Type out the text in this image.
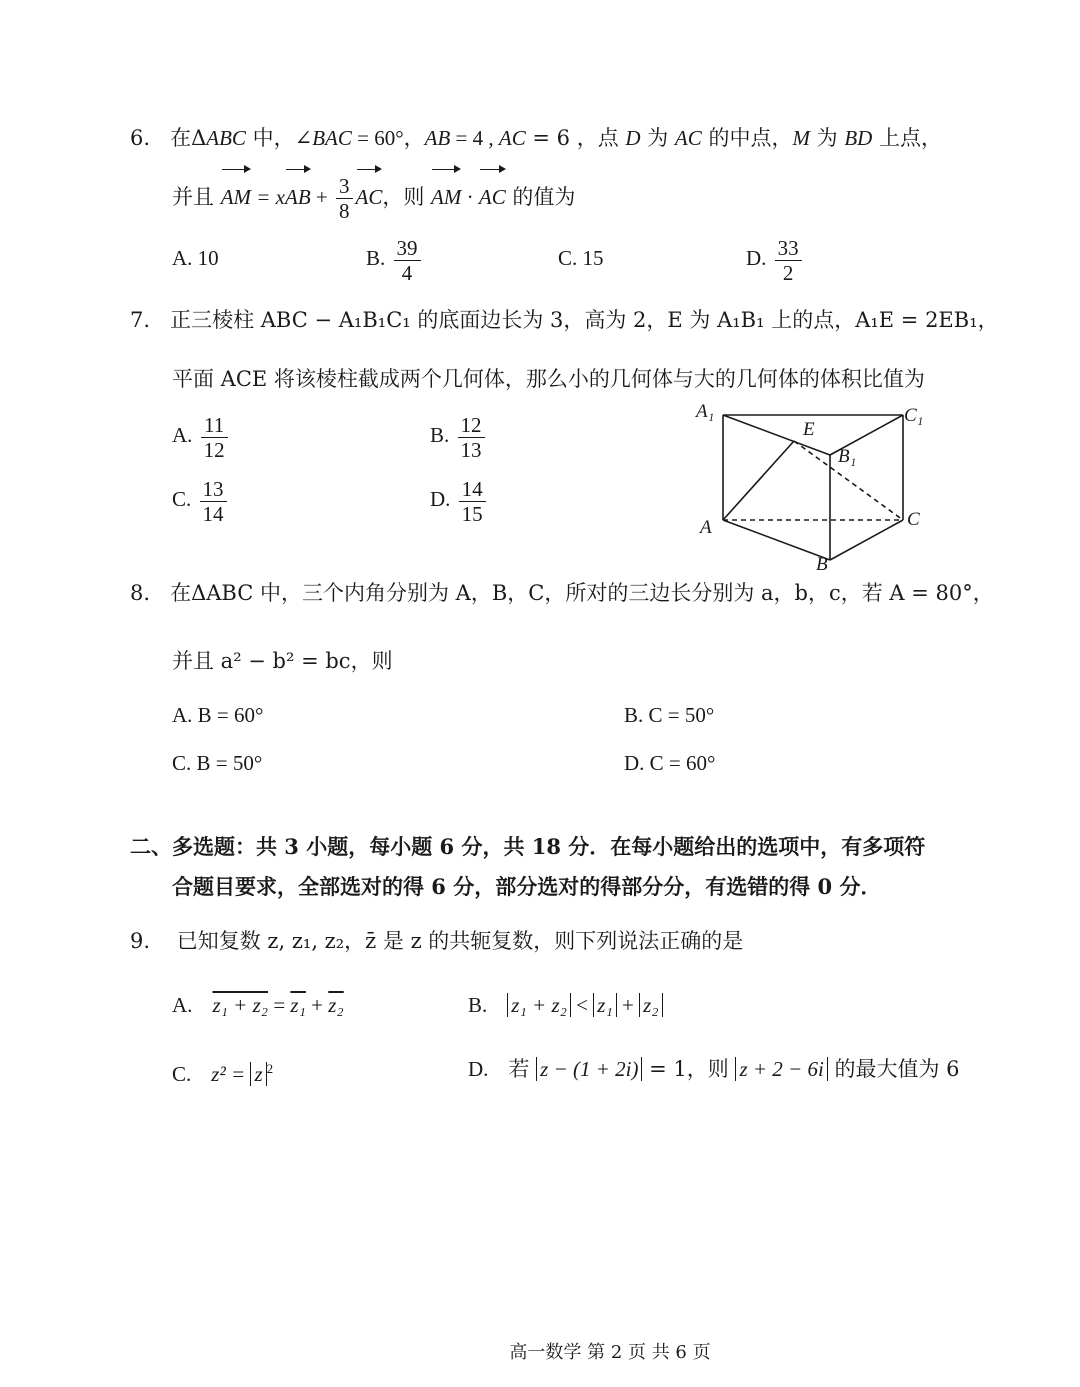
6. 在ΔABC 中，∠BAC = 60°，AB = 4 , AC = 6 ，点 D 为 AC 的中点，M 为 BD 上点，
并且 AM = xAB + $\frac{3}{8}$ AC，则 AM · AC 的值为
A. 10	B. $\frac{39}{4}$	C. 15	D. $\frac{33}{2}$
7. 正三棱柱 ABC − A₁B₁C₁ 的底面边长为 3，高为 2，E 为 A₁B₁ 上的点，A₁E = 2EB₁，
平面 ACE 将该棱柱截成两个几何体，那么小的几何体与大的几何体的体积比值为
A. $\frac{11}{12}$	B. $\frac{12}{13}$
C. $\frac{13}{14}$	D. $\frac{14}{15}$
A₁	C₁
E
B₁
A	C
B
8. 在ΔABC 中，三个内角分别为 A，B，C，所对的三边长分别为 a，b，c，若 A = 80°，
并且 a² − b² = bc，则
A. B = 60°	B. C = 50°
C. B = 50°	D. C = 60°
二、多选题：共 3 小题，每小题 6 分，共 18 分．在每小题给出的选项中，有多项符
合题目要求，全部选对的得 6 分，部分选对的得部分分，有选错的得 0 分．
9. 已知复数 z, z₁, z₂，z̄ 是 z 的共轭复数，则下列说法正确的是
A. z₁ + z₂ = z₁ + z₂	B. z₁ + z₂ < z₁ + z₂
C. z² = z $^2$	D. 若 z − (1 + 2i) = 1，则 z + 2 − 6i 的最大值为 6
高一数学 第 2 页 共 6 页
